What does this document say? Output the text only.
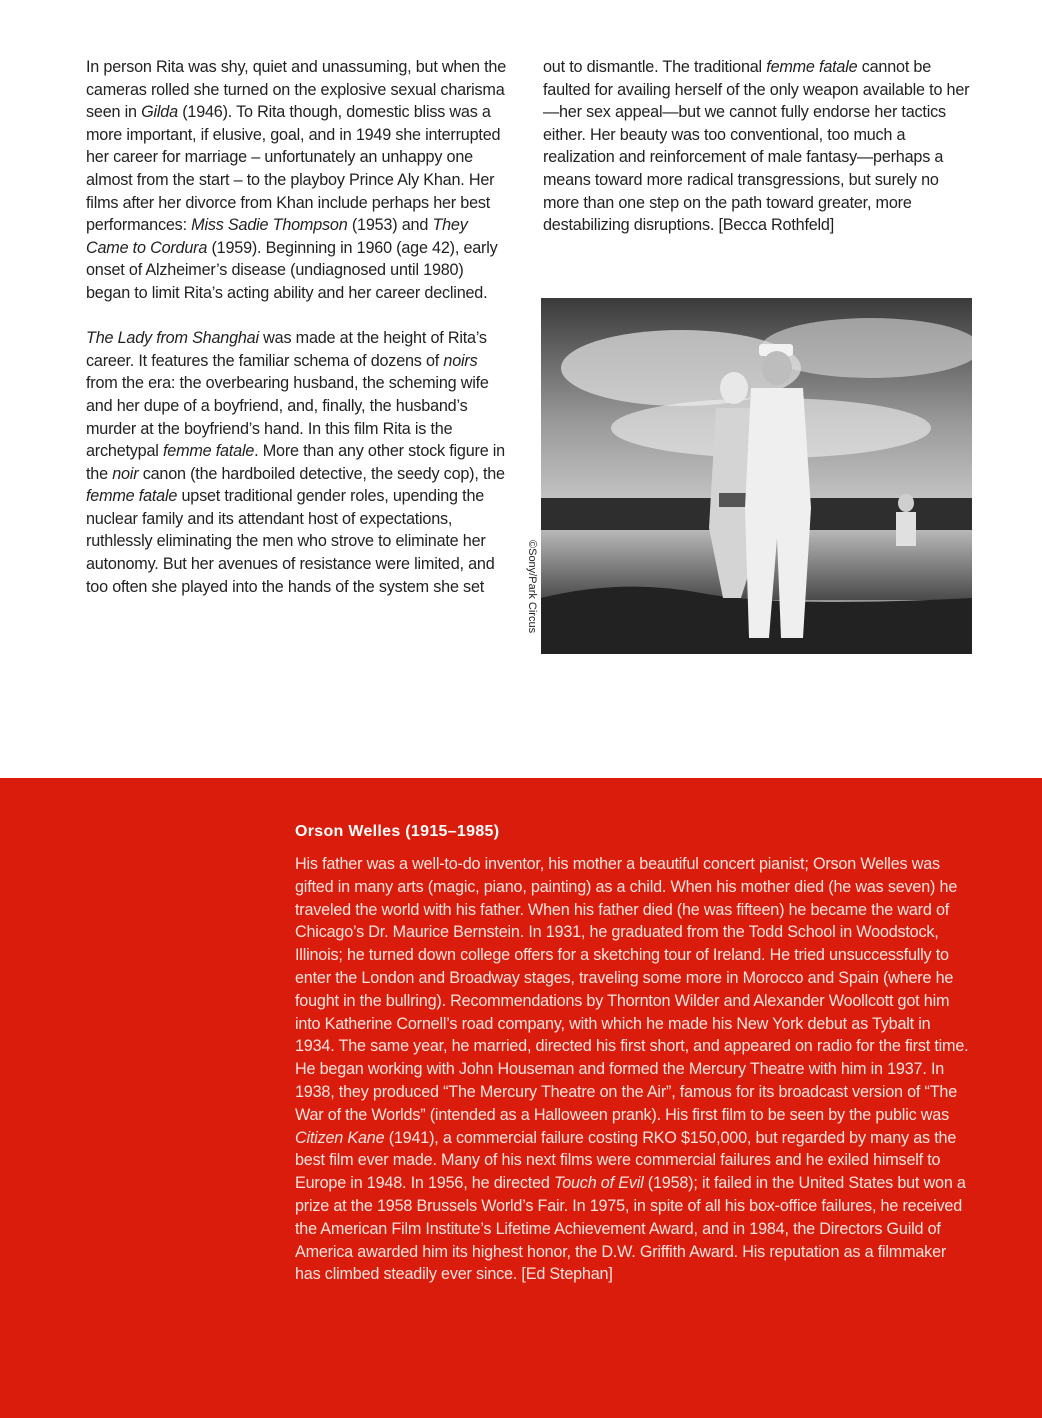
In person Rita was shy, quiet and unassuming, but when the cameras rolled she turned on the explosive sexual charisma seen in Gilda (1946). To Rita though, domestic bliss was a more important, if elusive, goal, and in 1949 she interrupted her career for marriage – unfortunately an unhappy one almost from the start – to the playboy Prince Aly Khan. Her films after her divorce from Khan include perhaps her best performances: Miss Sadie Thompson (1953) and They Came to Cordura (1959). Beginning in 1960 (age 42), early onset of Alzheimer’s disease (undiagnosed until 1980) began to limit Rita’s acting ability and her career declined.

The Lady from Shanghai was made at the height of Rita’s career. It features the familiar schema of dozens of noirs from the era: the overbearing husband, the scheming wife and her dupe of a boyfriend, and, finally, the husband’s murder at the boyfriend’s hand. In this film Rita is the archetypal femme fatale. More than any other stock figure in the noir canon (the hardboiled detective, the seedy cop), the femme fatale upset traditional gender roles, upending the nuclear family and its attendant host of expectations, ruthlessly eliminating the men who strove to eliminate her autonomy. But her avenues of resistance were limited, and too often she played into the hands of the system she set

out to dismantle. The traditional femme fatale cannot be faulted for availing herself of the only weapon available to her—her sex appeal—but we cannot fully endorse her tactics either. Her beauty was too conventional, too much a realization and reinforcement of male fantasy—perhaps a means toward more radical transgressions, but surely no more than one step on the path toward greater, more destabilizing disruptions. [Becca Rothfeld]

©Sony/Park Circus
Orson Welles (1915–1985)

His father was a well-to-do inventor, his mother a beautiful concert pianist; Orson Welles was gifted in many arts (magic, piano, painting) as a child. When his mother died (he was seven) he traveled the world with his father. When his father died (he was fifteen) he became the ward of Chicago’s Dr. Maurice Bernstein. In 1931, he graduated from the Todd School in Woodstock, Illinois; he turned down college offers for a sketching tour of Ireland. He tried unsuccessfully to enter the London and Broadway stages, traveling some more in Morocco and Spain (where he fought in the bullring). Recommendations by Thornton Wilder and Alexander Woollcott got him into Katherine Cornell’s road company, with which he made his New York debut as Tybalt in 1934. The same year, he married, directed his first short, and appeared on radio for the first time. He began working with John Houseman and formed the Mercury Theatre with him in 1937. In 1938, they produced “The Mercury Theatre on the Air”, famous for its broadcast version of “The War of the Worlds” (intended as a Halloween prank). His first film to be seen by the public was Citizen Kane (1941), a commercial failure costing RKO $150,000, but regarded by many as the best film ever made. Many of his next films were commercial failures and he exiled himself to Europe in 1948. In 1956, he directed Touch of Evil (1958); it failed in the United States but won a prize at the 1958 Brussels World’s Fair. In 1975, in spite of all his box-office failures, he received the American Film Institute’s Lifetime Achievement Award, and in 1984, the Directors Guild of America awarded him its highest honor, the D.W. Griffith Award. His reputation as a filmmaker has climbed steadily ever since. [Ed Stephan]
